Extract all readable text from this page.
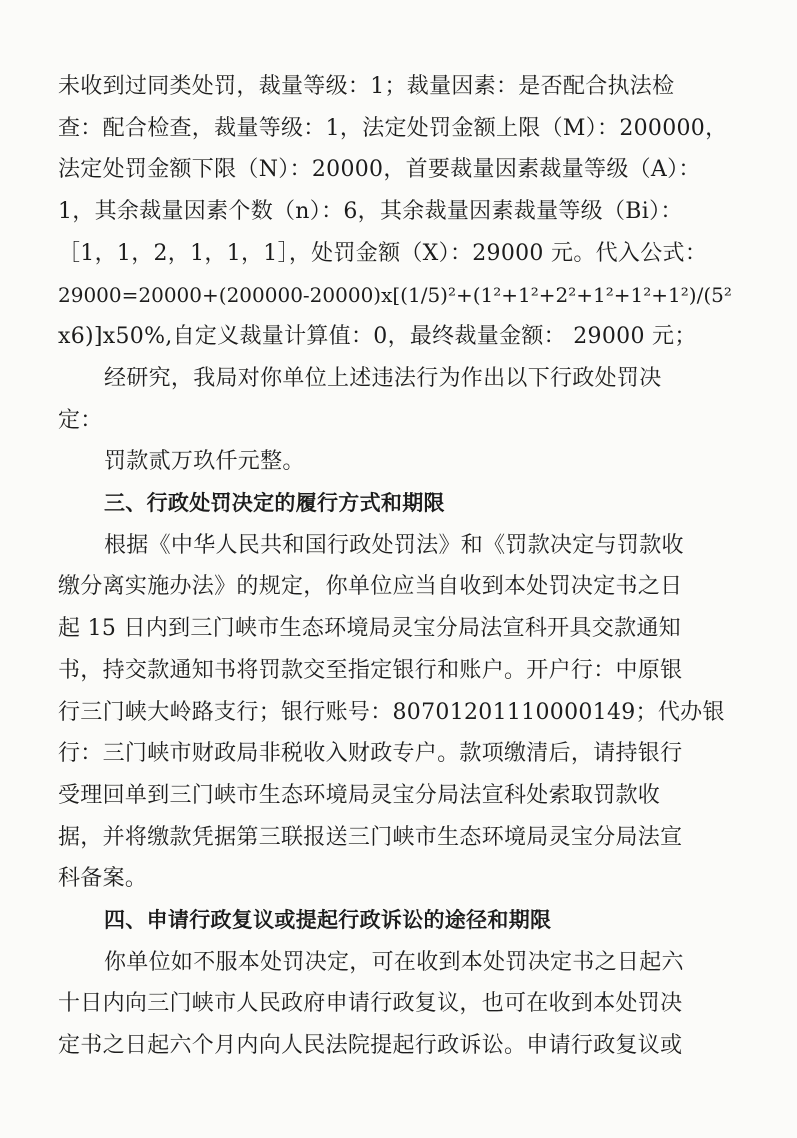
未收到过同类处罚，裁量等级：1；裁量因素：是否配合执法检

查：配合检查，裁量等级：1，法定处罚金额上限（M）：200000，

法定处罚金额下限（N）：20000，首要裁量因素裁量等级（A）：

1，其余裁量因素个数（n）：6，其余裁量因素裁量等级（Bi）：

［1，1，2，1，1，1］，处罚金额（X）：29000 元。代入公式：

29000=20000+(200000-20000)x[(1/5)²+(1²+1²+2²+1²+1²+1²)/(5²

x6)]x50%,自定义裁量计算值：0，最终裁量金额： 29000 元；

经研究，我局对你单位上述违法行为作出以下行政处罚决

定：

罚款贰万玖仟元整。

三、行政处罚决定的履行方式和期限

根据《中华人民共和国行政处罚法》和《罚款决定与罚款收

缴分离实施办法》的规定，你单位应当自收到本处罚决定书之日

起 15 日内到三门峡市生态环境局灵宝分局法宣科开具交款通知

书，持交款通知书将罚款交至指定银行和账户。开户行：中原银

行三门峡大岭路支行；银行账号：80701201110000149；代办银

行：三门峡市财政局非税收入财政专户。款项缴清后，请持银行

受理回单到三门峡市生态环境局灵宝分局法宣科处索取罚款收

据，并将缴款凭据第三联报送三门峡市生态环境局灵宝分局法宣

科备案。

四、申请行政复议或提起行政诉讼的途径和期限

你单位如不服本处罚决定，可在收到本处罚决定书之日起六

十日内向三门峡市人民政府申请行政复议，也可在收到本处罚决

定书之日起六个月内向人民法院提起行政诉讼。申请行政复议或
